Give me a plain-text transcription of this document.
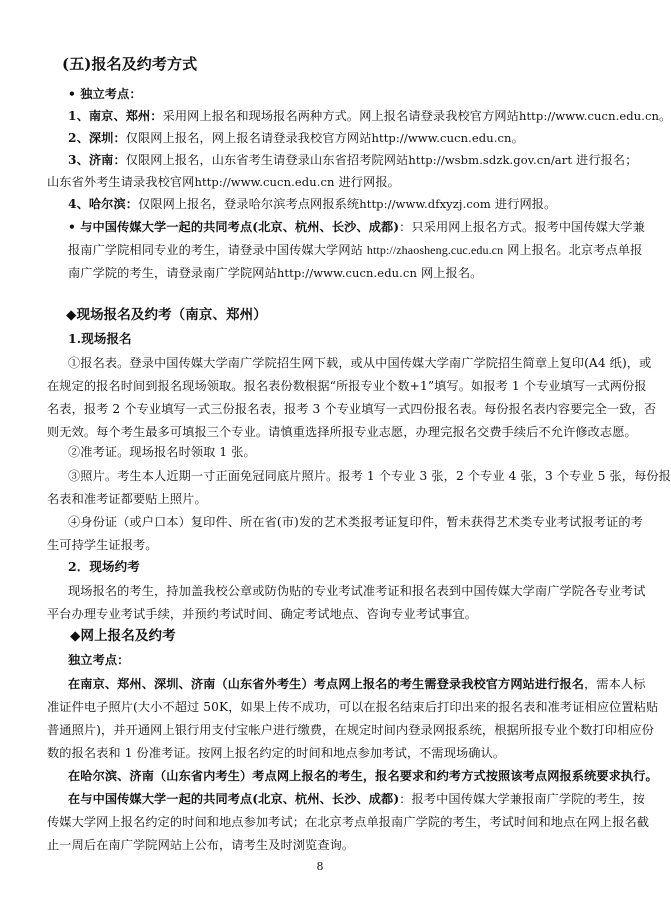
(五)报名及约考方式
• 独立考点：
1、南京、郑州：采用网上报名和现场报名两种方式。网上报名请登录我校官方网站http://www.cucn.edu.cn。
2、深圳：仅限网上报名，网上报名请登录我校官方网站http://www.cucn.edu.cn。
3、济南：仅限网上报名，山东省考生请登录山东省招考院网站http://wsbm.sdzk.gov.cn/art 进行报名；
山东省外考生请录我校官网http://www.cucn.edu.cn 进行网报。
4、哈尔滨：仅限网上报名，登录哈尔滨考点网报系统http://www.dfxyzj.com 进行网报。
• 与中国传媒大学一起的共同考点(北京、杭州、长沙、成都)：只采用网上报名方式。报考中国传媒大学兼
报南广学院相同专业的考生，请登录中国传媒大学网站 http://zhaosheng.cuc.edu.cn 网上报名。北京考点单报
南广学院的考生，请登录南广学院网站http://www.cucn.edu.cn 网上报名。
◆现场报名及约考（南京、郑州）
1.现场报名
①报名表。登录中国传媒大学南广学院招生网下载，或从中国传媒大学南广学院招生简章上复印(A4 纸)，或
在规定的报名时间到报名现场领取。报名表份数根据“所报专业个数+1”填写。如报考 1 个专业填写一式两份报
名表，报考 2 个专业填写一式三份报名表，报考 3 个专业填写一式四份报名表。每份报名表内容要完全一致，否
则无效。每个考生最多可填报三个专业。请慎重选择所报专业志愿，办理完报名交费手续后不允许修改志愿。
②准考证。现场报名时领取 1 张。
③照片。考生本人近期一寸正面免冠同底片照片。报考 1 个专业 3 张，2 个专业 4 张，3 个专业 5 张，每份报
名表和准考证都要贴上照片。
④身份证（或户口本）复印件、所在省(市)发的艺术类报考证复印件，暂未获得艺术类专业考试报考证的考
生可持学生证报考。
2．现场约考
现场报名的考生，持加盖我校公章或防伪贴的专业考试准考证和报名表到中国传媒大学南广学院各专业考试
平台办理专业考试手续，并预约考试时间、确定考试地点、咨询专业考试事宜。
◆网上报名及约考
独立考点：
在南京、郑州、深圳、济南（山东省外考生）考点网上报名的考生需登录我校官方网站进行报名，需本人标
准证件电子照片(大小不超过 50K，如果上传不成功，可以在报名结束后打印出来的报名表和准考证相应位置粘贴
普通照片)，并开通网上银行用支付宝帐户进行缴费，在规定时间内登录网报系统，根据所报专业个数打印相应份
数的报名表和 1 份准考证。按网上报名约定的时间和地点参加考试，不需现场确认。
在哈尔滨、济南（山东省内考生）考点网上报名的考生，报名要求和约考方式按照该考点网报系统要求执行。
在与中国传媒大学一起的共同考点(北京、杭州、长沙、成都)：报考中国传媒大学兼报南广学院的考生，按
传媒大学网上报名约定的时间和地点参加考试；在北京考点单报南广学院的考生，考试时间和地点在网上报名截
止一周后在南广学院网站上公布，请考生及时浏览查询。
8
